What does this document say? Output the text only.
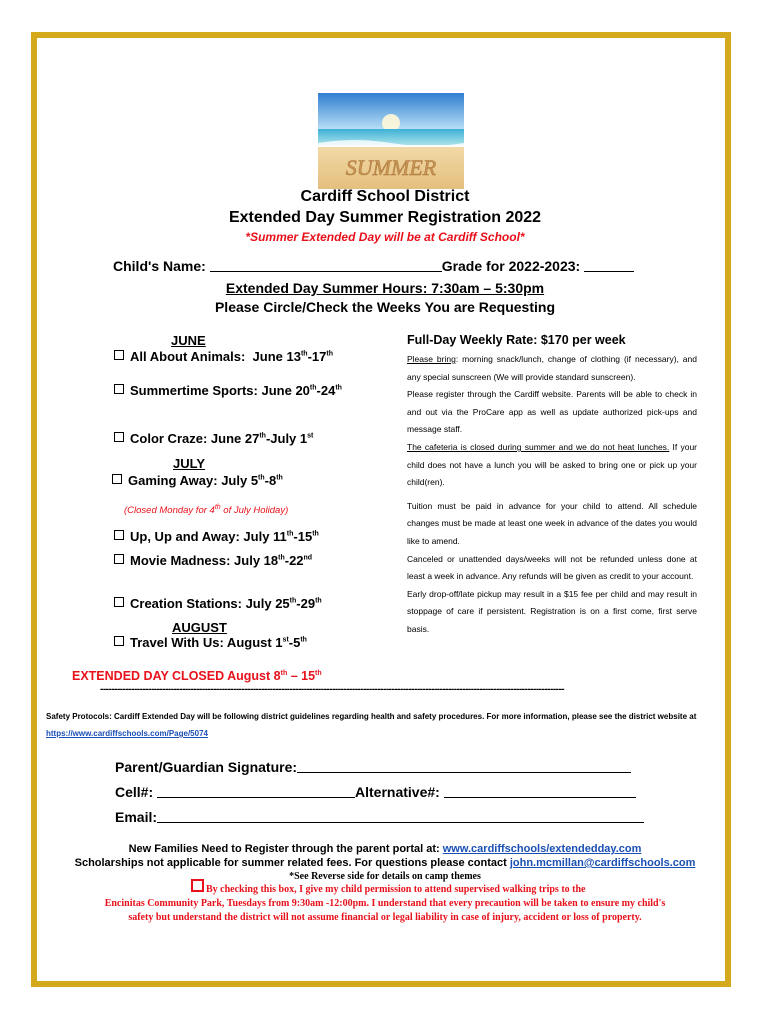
SUMMER
Cardiff School District
Extended Day Summer Registration 2022
*Summer Extended Day will be at Cardiff School*
Child's Name:	Grade for 2022-2023:
Extended Day Summer Hours: 7:30am – 5:30pm
Please Circle/Check the Weeks You are Requesting
JUNE
All About Animals:  June 13th-17th
Summertime Sports: June 20th-24th
Color Craze: June 27th-July 1st
JULY
Gaming Away: July 5th-8th
(Closed Monday for 4th of July Holiday)
Up, Up and Away: July 11th-15th
Movie Madness: July 18th-22nd
Creation Stations: July 25th-29th
AUGUST
Travel With Us: August 1st-5th
EXTENDED DAY CLOSED August 8th – 15th
Full-Day Weekly Rate: $170 per week
Please bring: morning snack/lunch, change of clothing (if necessary), and any special sunscreen (We will provide standard sunscreen).
Please register through the Cardiff website. Parents will be able to check in and out via the ProCare app as well as update authorized pick-ups and message staff.
The cafeteria is closed during summer and we do not heat lunches. If your child does not have a lunch you will be asked to bring one or pick up your child(ren).

Tuition must be paid in advance for your child to attend. All schedule changes must be made at least one week in advance of the dates you would like to amend.
Canceled or unattended days/weeks will not be refunded unless done at least a week in advance. Any refunds will be given as credit to your account.
Early drop-off/late pickup may result in a $15 fee per child and may result in stoppage of care if persistent. Registration is on a first come, first serve basis.
--------------------------------------------------------------------------------------------------------------------------------------------------------------------
Safety Protocols: Cardiff Extended Day will be following district guidelines regarding health and safety procedures. For more information, please see the district website at https://www.cardiffschools.com/Page/5074
Parent/Guardian Signature:
Cell#:	Alternative#:
Email:
New Families Need to Register through the parent portal at: www.cardiffschools/extendedday.com
Scholarships not applicable for summer related fees. For questions please contact john.mcmillan@cardiffschools.com
*See Reverse side for details on camp themes
By checking this box, I give my child permission to attend supervised walking trips to the
Encinitas Community Park, Tuesdays from 9:30am -12:00pm. I understand that every precaution will be taken to ensure my child's
safety but understand the district will not assume financial or legal liability in case of injury, accident or loss of property.
